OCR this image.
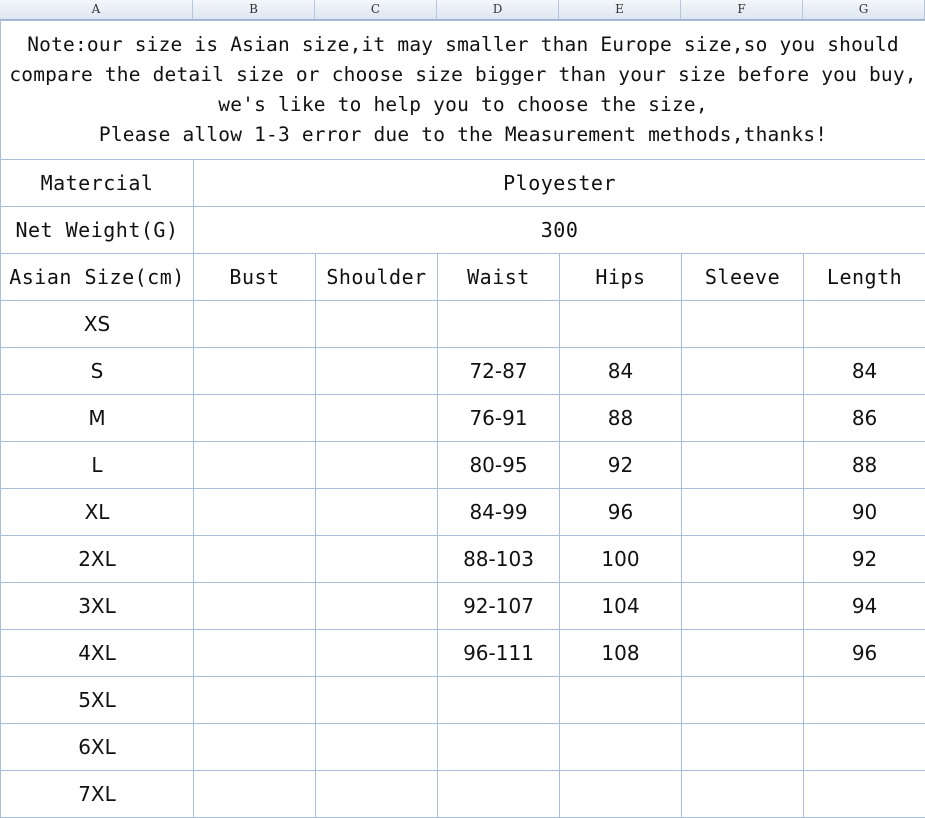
A	B	C	D	E	F	G
Note:our size is Asian size,it may smaller than Europe size,so you should
compare the detail size or choose size bigger than your size before you buy,
we's like to help you to choose the size,
Please allow 1-3 error due to the Measurement methods,thanks!						

Matercial	Ployester					
Net Weight(G)	300					
Asian Size(cm)	Bust	Shoulder	Waist	Hips	Sleeve	Length
XS						
S			72-87	84		84
M			76-91	88		86
L			80-95	92		88
XL			84-99	96		90
2XL			88-103	100		92
3XL			92-107	104		94
4XL			96-111	108		96
5XL						
6XL						
7XL						
